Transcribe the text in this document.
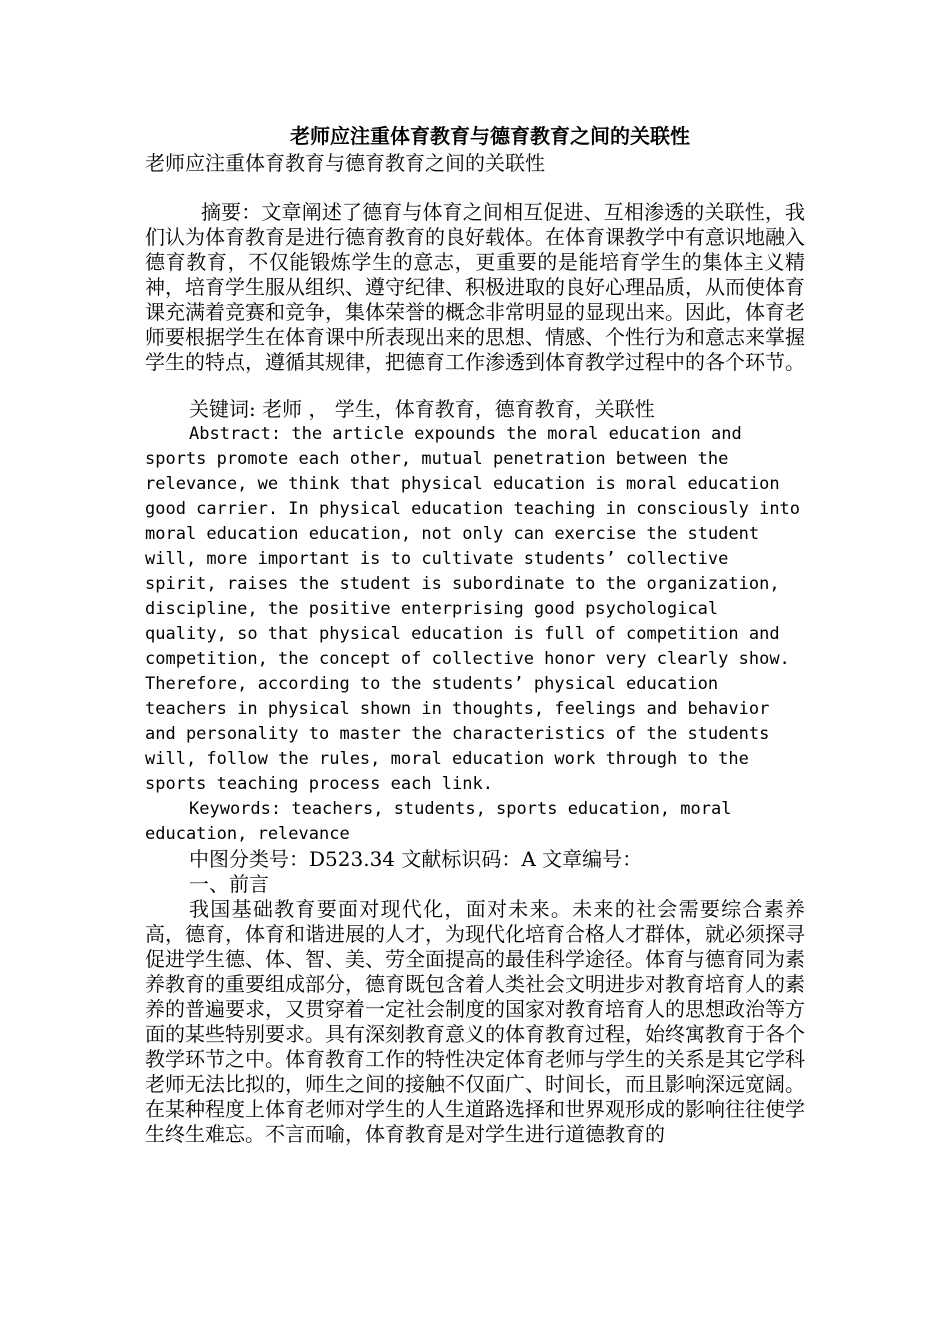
老师应注重体育教育与德育教育之间的关联性
老师应注重体育教育与德育教育之间的关联性

摘要：文章阐述了德育与体育之间相互促进、互相渗透的关联性，我们认为体育教育是进行德育教育的良好载体。在体育课教学中有意识地融入德育教育，不仅能锻炼学生的意志，更重要的是能培育学生的集体主义精神，培育学生服从组织、遵守纪律、积极进取的良好心理品质，从而使体育课充满着竞赛和竞争，集体荣誉的概念非常明显的显现出来。因此，体育老师要根据学生在体育课中所表现出来的思想、情感、个性行为和意志来掌握学生的特点，遵循其规律，把德育工作渗透到体育教学过程中的各个环节。

关键词: 老师 ， 学生，体育教育，德育教育，关联性

Abstract: the article expounds the moral education and sports promote each other, mutual penetration between the relevance, we think that physical education is moral education good carrier. In physical education teaching in consciously into moral education education, not only can exercise the student will, more important is to cultivate students’ collective spirit, raises the student is subordinate to the organization, discipline, the positive enterprising good psychological quality, so that physical education is full of competition and competition, the concept of collective honor very clearly show. Therefore, according to the students’ physical education teachers in physical shown in thoughts, feelings and behavior and personality to master the characteristics of the students will, follow the rules, moral education work through to the sports teaching process each link.

Keywords: teachers, students, sports education, moral education, relevance

中图分类号：D523.34 文献标识码：A 文章编号：

一、前言

我国基础教育要面对现代化，面对未来。未来的社会需要综合素养高，德育，体育和谐进展的人才，为现代化培育合格人才群体，就必须探寻促进学生德、体、智、美、劳全面提高的最佳科学途径。体育与德育同为素养教育的重要组成部分，德育既包含着人类社会文明进步对教育培育人的素养的普遍要求，又贯穿着一定社会制度的国家对教育培育人的思想政治等方面的某些特别要求。具有深刻教育意义的体育教育过程，始终寓教育于各个教学环节之中。体育教育工作的特性决定体育老师与学生的关系是其它学科老师无法比拟的，师生之间的接触不仅面广、时间长，而且影响深远宽阔。在某种程度上体育老师对学生的人生道路选择和世界观形成的影响往往使学生终生难忘。不言而喻，体育教育是对学生进行道德教育的
